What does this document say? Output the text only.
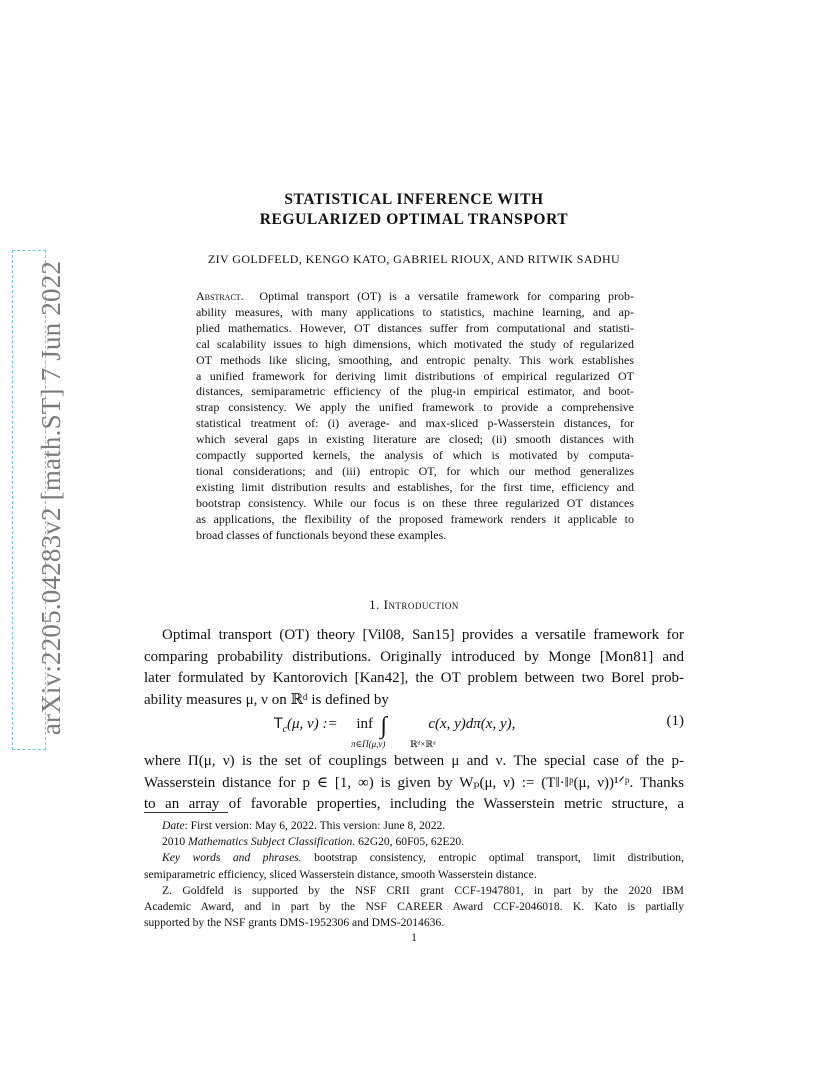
arXiv:2205.04283v2 [math.ST] 7 Jun 2022
STATISTICAL INFERENCE WITH
REGULARIZED OPTIMAL TRANSPORT
ZIV GOLDFELD, KENGO KATO, GABRIEL RIOUX, AND RITWIK SADHU
Abstract. Optimal transport (OT) is a versatile framework for comparing prob-
ability measures, with many applications to statistics, machine learning, and ap-
plied mathematics. However, OT distances suffer from computational and statisti-
cal scalability issues to high dimensions, which motivated the study of regularized
OT methods like slicing, smoothing, and entropic penalty. This work establishes
a unified framework for deriving limit distributions of empirical regularized OT
distances, semiparametric efficiency of the plug-in empirical estimator, and boot-
strap consistency. We apply the unified framework to provide a comprehensive
statistical treatment of: (i) average- and max-sliced p-Wasserstein distances, for
which several gaps in existing literature are closed; (ii) smooth distances with
compactly supported kernels, the analysis of which is motivated by computa-
tional considerations; and (iii) entropic OT, for which our method generalizes
existing limit distribution results and establishes, for the first time, efficiency and
bootstrap consistency. While our focus is on these three regularized OT distances
as applications, the flexibility of the proposed framework renders it applicable to
broad classes of functionals beyond these examples.
1. Introduction
Optimal transport (OT) theory [Vil08, San15] provides a versatile framework for
comparing probability distributions. Originally introduced by Monge [Mon81] and
later formulated by Kantorovich [Kan42], the OT problem between two Borel prob-
ability measures μ, ν on ℝᵈ is defined by
$T_c(\mu$, ν) := inf ∫	c(x, y)dπ(x, y),
π∈Π(μ,ν)	ℝᵈ×ℝᵈ
(1)
where Π(μ, ν) is the set of couplings between μ and ν. The special case of the p-
Wasserstein distance for p ∈ [1, ∞) is given by Wₚ(μ, ν) := (T‖·‖ᵖ(μ, ν))¹ᐟᵖ. Thanks
to an array of favorable properties, including the Wasserstein metric structure, a
Date: First version: May 6, 2022. This version: June 8, 2022.
2010 Mathematics Subject Classification. 62G20, 60F05, 62E20.
Key words and phrases. bootstrap consistency, entropic optimal transport, limit distribution,
semiparametric efficiency, sliced Wasserstein distance, smooth Wasserstein distance.
Z. Goldfeld is supported by the NSF CRII grant CCF-1947801, in part by the 2020 IBM
Academic Award, and in part by the NSF CAREER Award CCF-2046018. K. Kato is partially
supported by the NSF grants DMS-1952306 and DMS-2014636.
1
